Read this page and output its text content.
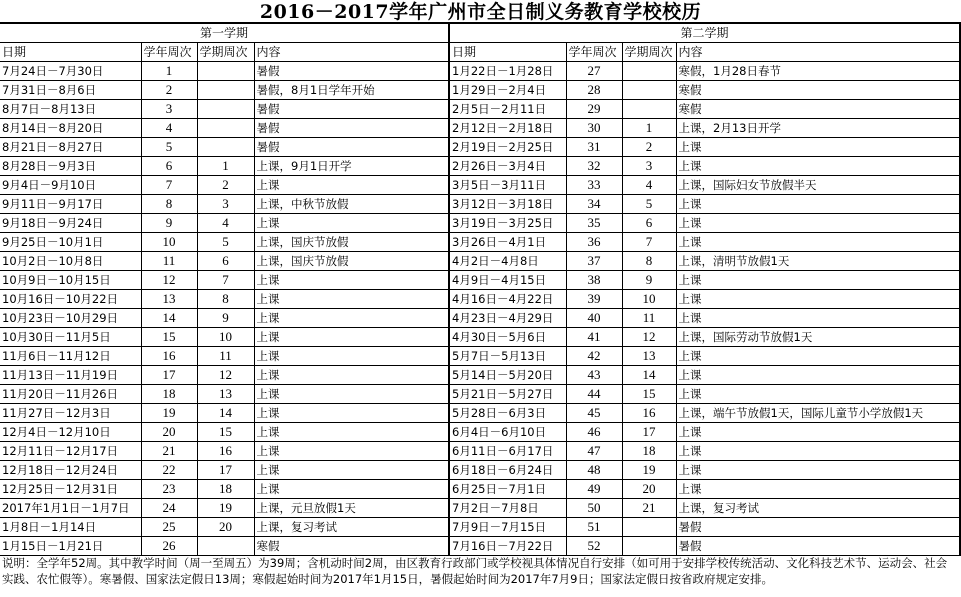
2016－2017学年广州市全日制义务教育学校校历
第一学期				第二学期			
日期	学年周次	学期周次	内容	日期	学年周次	学期周次	内容
7月24日－7月30日	1		暑假	1月22日－1月28日	27		寒假，1月28日春节
7月31日－8月6日	2		暑假，8月1日学年开始	1月29日－2月4日	28		寒假
8月7日－8月13日	3		暑假	2月5日－2月11日	29		寒假
8月14日－8月20日	4		暑假	2月12日－2月18日	30	1	上课，2月13日开学
8月21日－8月27日	5		暑假	2月19日－2月25日	31	2	上课
8月28日－9月3日	6	1	上课，9月1日开学	2月26日－3月4日	32	3	上课
9月4日－9月10日	7	2	上课	3月5日－3月11日	33	4	上课，国际妇女节放假半天
9月11日－9月17日	8	3	上课，中秋节放假	3月12日－3月18日	34	5	上课
9月18日－9月24日	9	4	上课	3月19日－3月25日	35	6	上课
9月25日－10月1日	10	5	上课，国庆节放假	3月26日－4月1日	36	7	上课
10月2日－10月8日	11	6	上课，国庆节放假	4月2日－4月8日	37	8	上课，清明节放假1天
10月9日－10月15日	12	7	上课	4月9日－4月15日	38	9	上课
10月16日－10月22日	13	8	上课	4月16日－4月22日	39	10	上课
10月23日－10月29日	14	9	上课	4月23日－4月29日	40	11	上课
10月30日－11月5日	15	10	上课	4月30日－5月6日	41	12	上课，国际劳动节放假1天
11月6日－11月12日	16	11	上课	5月7日－5月13日	42	13	上课
11月13日－11月19日	17	12	上课	5月14日－5月20日	43	14	上课
11月20日－11月26日	18	13	上课	5月21日－5月27日	44	15	上课
11月27日－12月3日	19	14	上课	5月28日－6月3日	45	16	上课，端午节放假1天，国际儿童节小学放假1天
12月4日－12月10日	20	15	上课	6月4日－6月10日	46	17	上课
12月11日－12月17日	21	16	上课	6月11日－6月17日	47	18	上课
12月18日－12月24日	22	17	上课	6月18日－6月24日	48	19	上课
12月25日－12月31日	23	18	上课	6月25日－7月1日	49	20	上课
2017年1月1日－1月7日	24	19	上课，元旦放假1天	7月2日－7月8日	50	21	上课，复习考试
1月8日－1月14日	25	20	上课，复习考试	7月9日－7月15日	51		暑假
1月15日－1月21日	26		寒假	7月16日－7月22日	52		暑假
说明：全学年52周。其中教学时间（周一至周五）为39周；含机动时间2周，由区教育行政部门或学校视具体情况自行安排（如可用于安排学校传统活动、文化科技艺术节、运动会、社会实践、农忙假等）。寒暑假、国家法定假日13周；寒假起始时间为2017年1月15日，暑假起始时间为2017年7月9日；国家法定假日按省政府规定安排。
